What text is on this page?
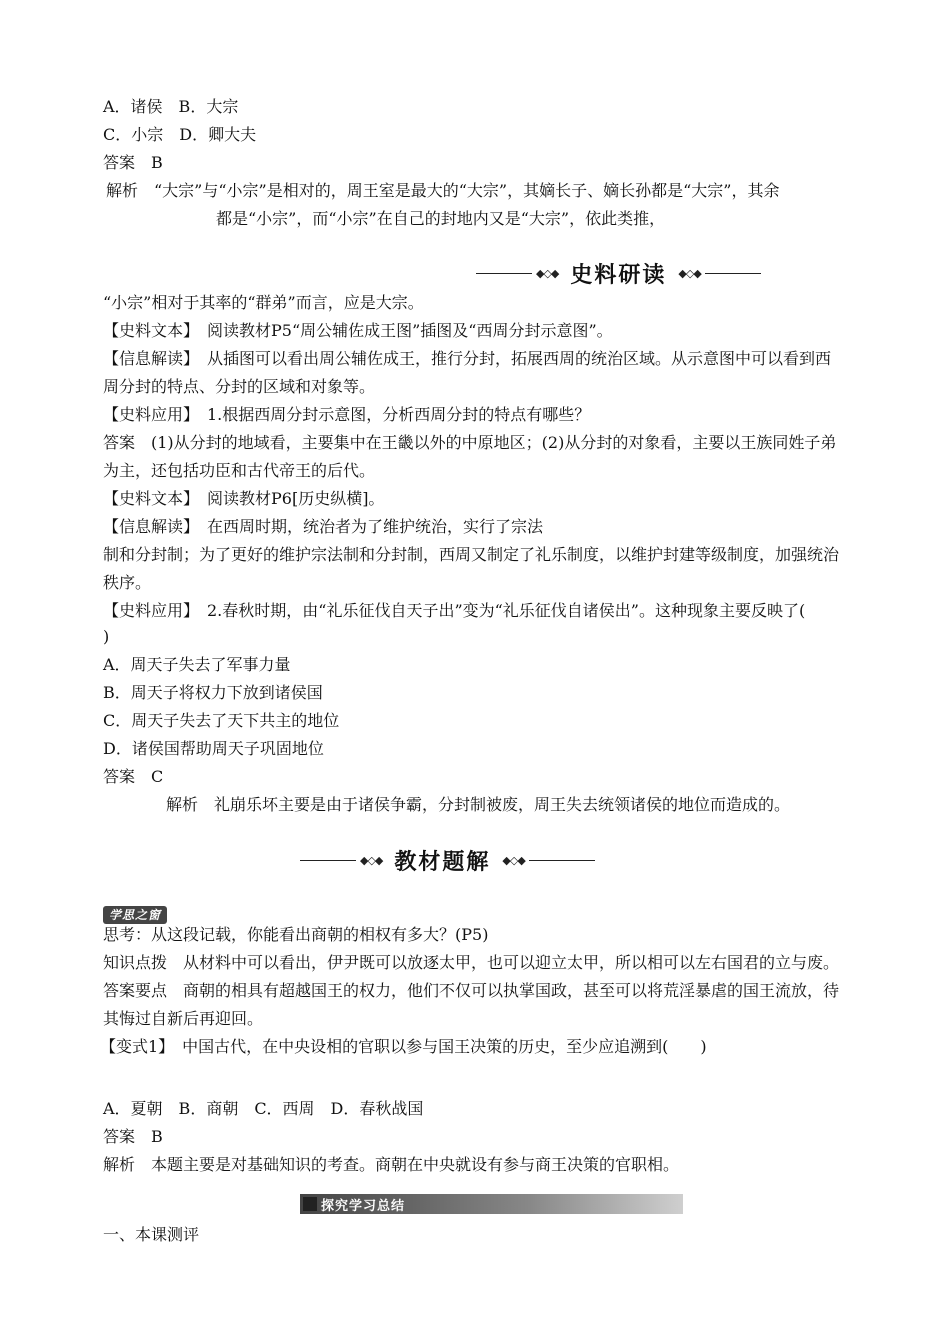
A．诸侯　B．大宗
C．小宗　D．卿大夫
答案　B
解析　“大宗”与“小宗”是相对的，周王室是最大的“大宗”，其嫡长子、嫡长孙都是“大宗”，其余
都是“小宗”，而“小宗”在自己的封地内又是“大宗”，依此类推，
◆◇◆ 史料研读 ◆◇◆
“小宗”相对于其率的“群弟”而言，应是大宗。
【史料文本】　阅读教材P5“周公辅佐成王图”插图及“西周分封示意图”。
【信息解读】　从插图可以看出周公辅佐成王，推行分封，拓展西周的统治区域。从示意图中可以看到西
周分封的特点、分封的区域和对象等。
【史料应用】　1.根据西周分封示意图，分析西周分封的特点有哪些？
答案　(1)从分封的地域看，主要集中在王畿以外的中原地区；(2)从分封的对象看，主要以王族同姓子弟
为主，还包括功臣和古代帝王的后代。
【史料文本】　阅读教材P6[历史纵横]。
【信息解读】　在西周时期，统治者为了维护统治，实行了宗法
制和分封制；为了更好的维护宗法制和分封制，西周又制定了礼乐制度，以维护封建等级制度，加强统治
秩序。
【史料应用】　2.春秋时期，由“礼乐征伐自天子出”变为“礼乐征伐自诸侯出”。这种现象主要反映了(
)
A．周天子失去了军事力量
B．周天子将权力下放到诸侯国
C．周天子失去了天下共主的地位
D．诸侯国帮助周天子巩固地位
答案　C
解析　礼崩乐坏主要是由于诸侯争霸，分封制被废，周王失去统领诸侯的地位而造成的。
◆◇◆ 教材题解 ◆◇◆
学思之窗
思考：从这段记载，你能看出商朝的相权有多大？(P5)
知识点拨　从材料中可以看出，伊尹既可以放逐太甲，也可以迎立太甲，所以相可以左右国君的立与废。
答案要点　商朝的相具有超越国王的权力，他们不仅可以执掌国政，甚至可以将荒淫暴虐的国王流放，待
其悔过自新后再迎回。
【变式1】　中国古代，在中央设相的官职以参与国王决策的历史，至少应追溯到(　　)
A．夏朝　B．商朝　C．西周　D．春秋战国
答案　B
解析　本题主要是对基础知识的考查。商朝在中央就设有参与商王决策的官职相。
探究学习总结
一、本课测评
